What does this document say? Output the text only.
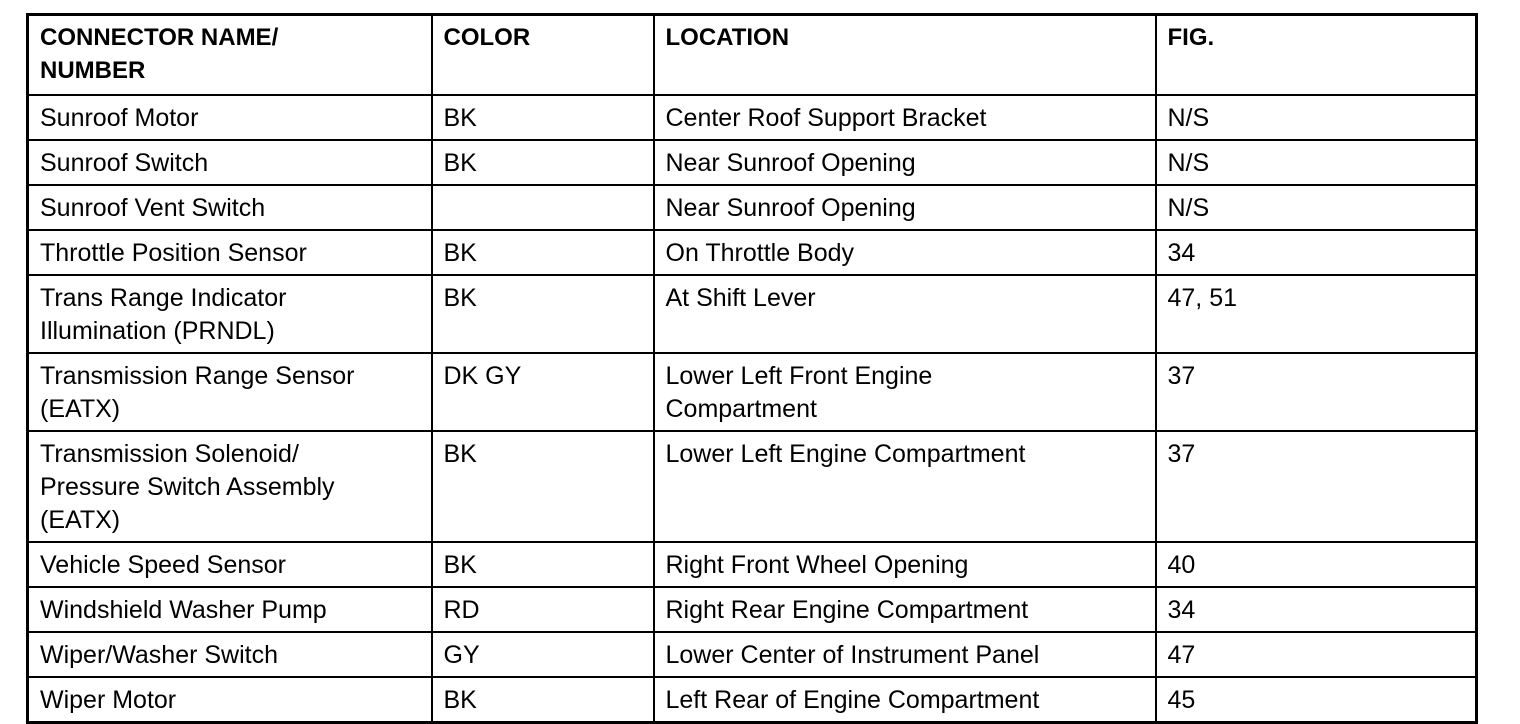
CONNECTOR NAME/
NUMBER	COLOR	LOCATION	FIG.
Sunroof Motor	BK	Center Roof Support Bracket	N/S
Sunroof Switch	BK	Near Sunroof Opening	N/S
Sunroof Vent Switch		Near Sunroof Opening	N/S
Throttle Position Sensor	BK	On Throttle Body	34
Trans Range Indicator
Illumination (PRNDL)	BK	At Shift Lever	47, 51
Transmission Range Sensor
(EATX)	DK GY	Lower Left Front Engine
Compartment	37
Transmission Solenoid/
Pressure Switch Assembly
(EATX)	BK	Lower Left Engine Compartment	37
Vehicle Speed Sensor	BK	Right Front Wheel Opening	40
Windshield Washer Pump	RD	Right Rear Engine Compartment	34
Wiper/Washer Switch	GY	Lower Center of Instrument Panel	47
Wiper Motor	BK	Left Rear of Engine Compartment	45
